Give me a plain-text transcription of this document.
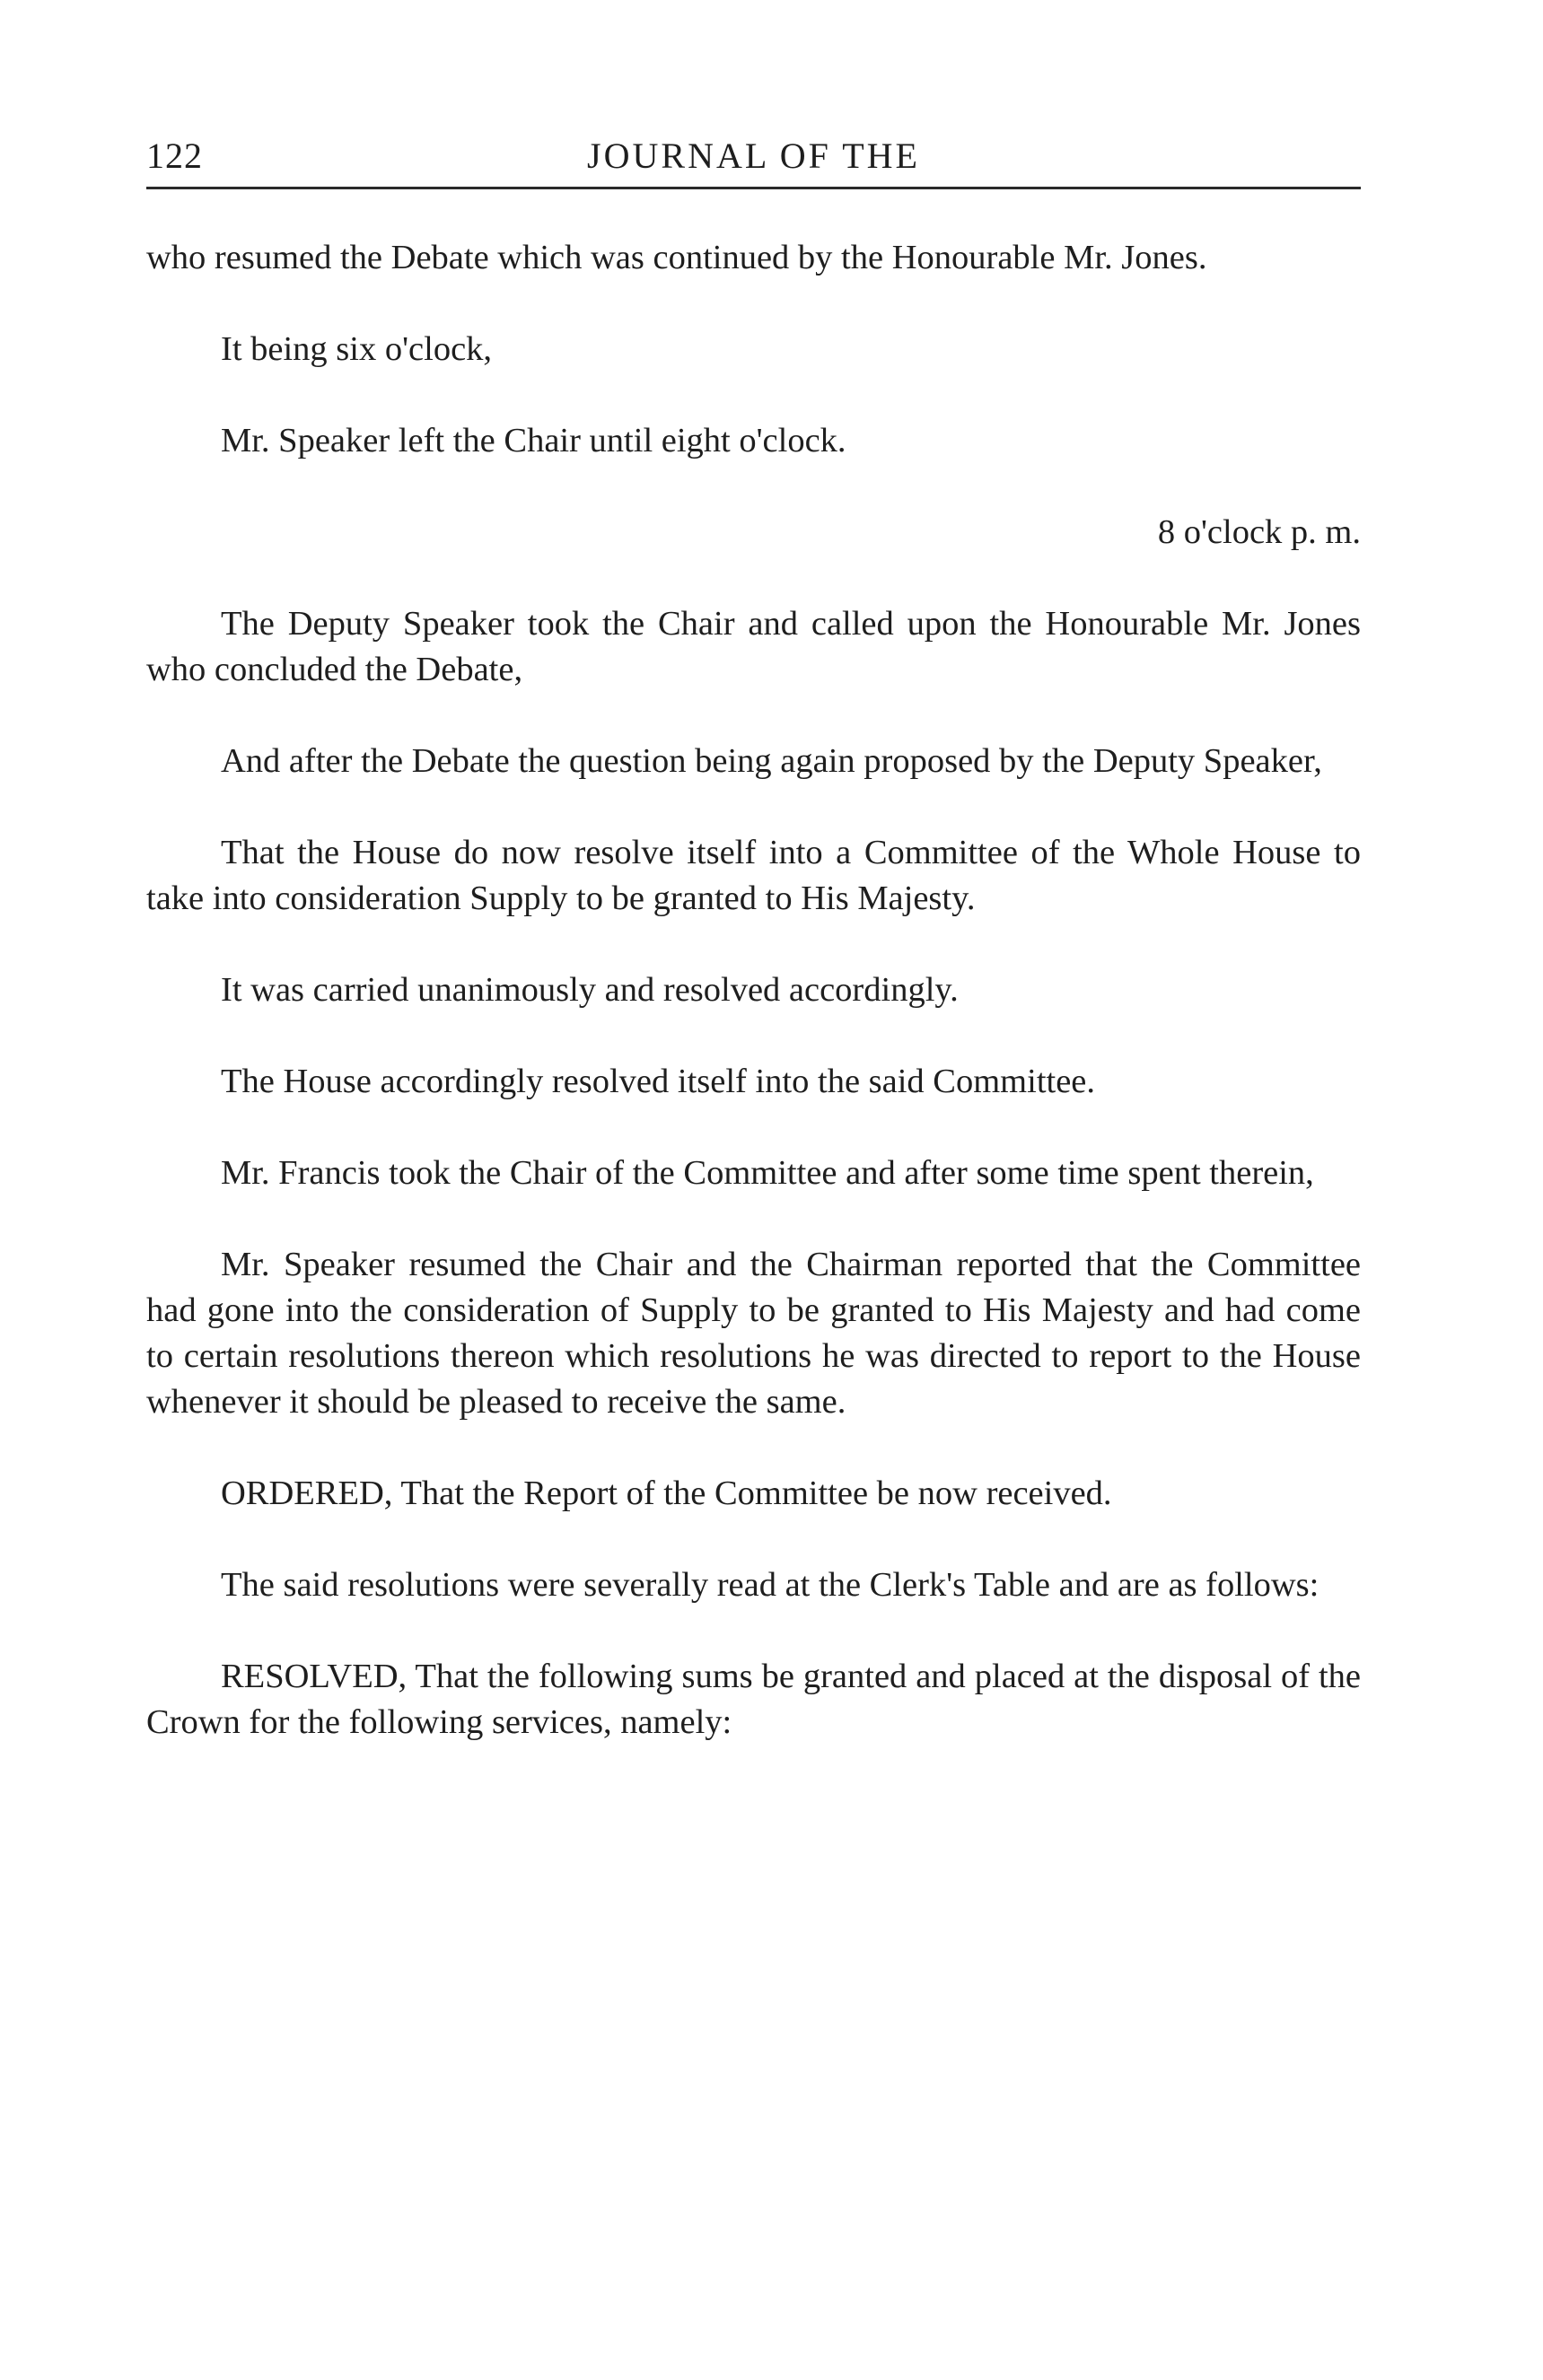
122	JOURNAL OF THE

who resumed the Debate which was continued by the Honourable Mr. Jones.

It being six o'clock,

Mr. Speaker left the Chair until eight o'clock.

8 o'clock p. m.

The Deputy Speaker took the Chair and called upon the Honourable Mr. Jones who concluded the Debate,

And after the Debate the question being again proposed by the Deputy Speaker,

That the House do now resolve itself into a Committee of the Whole House to take into consideration Supply to be granted to His Majesty.

It was carried unanimously and resolved accordingly.

The House accordingly resolved itself into the said Committee.

Mr. Francis took the Chair of the Committee and after some time spent therein,

Mr. Speaker resumed the Chair and the Chairman reported that the Committee had gone into the consideration of Supply to be granted to His Majesty and had come to certain resolutions thereon which resolutions he was directed to report to the House whenever it should be pleased to receive the same.

ORDERED, That the Report of the Committee be now received.

The said resolutions were severally read at the Clerk's Table and are as follows:

RESOLVED, That the following sums be granted and placed at the disposal of the Crown for the following services, namely:
